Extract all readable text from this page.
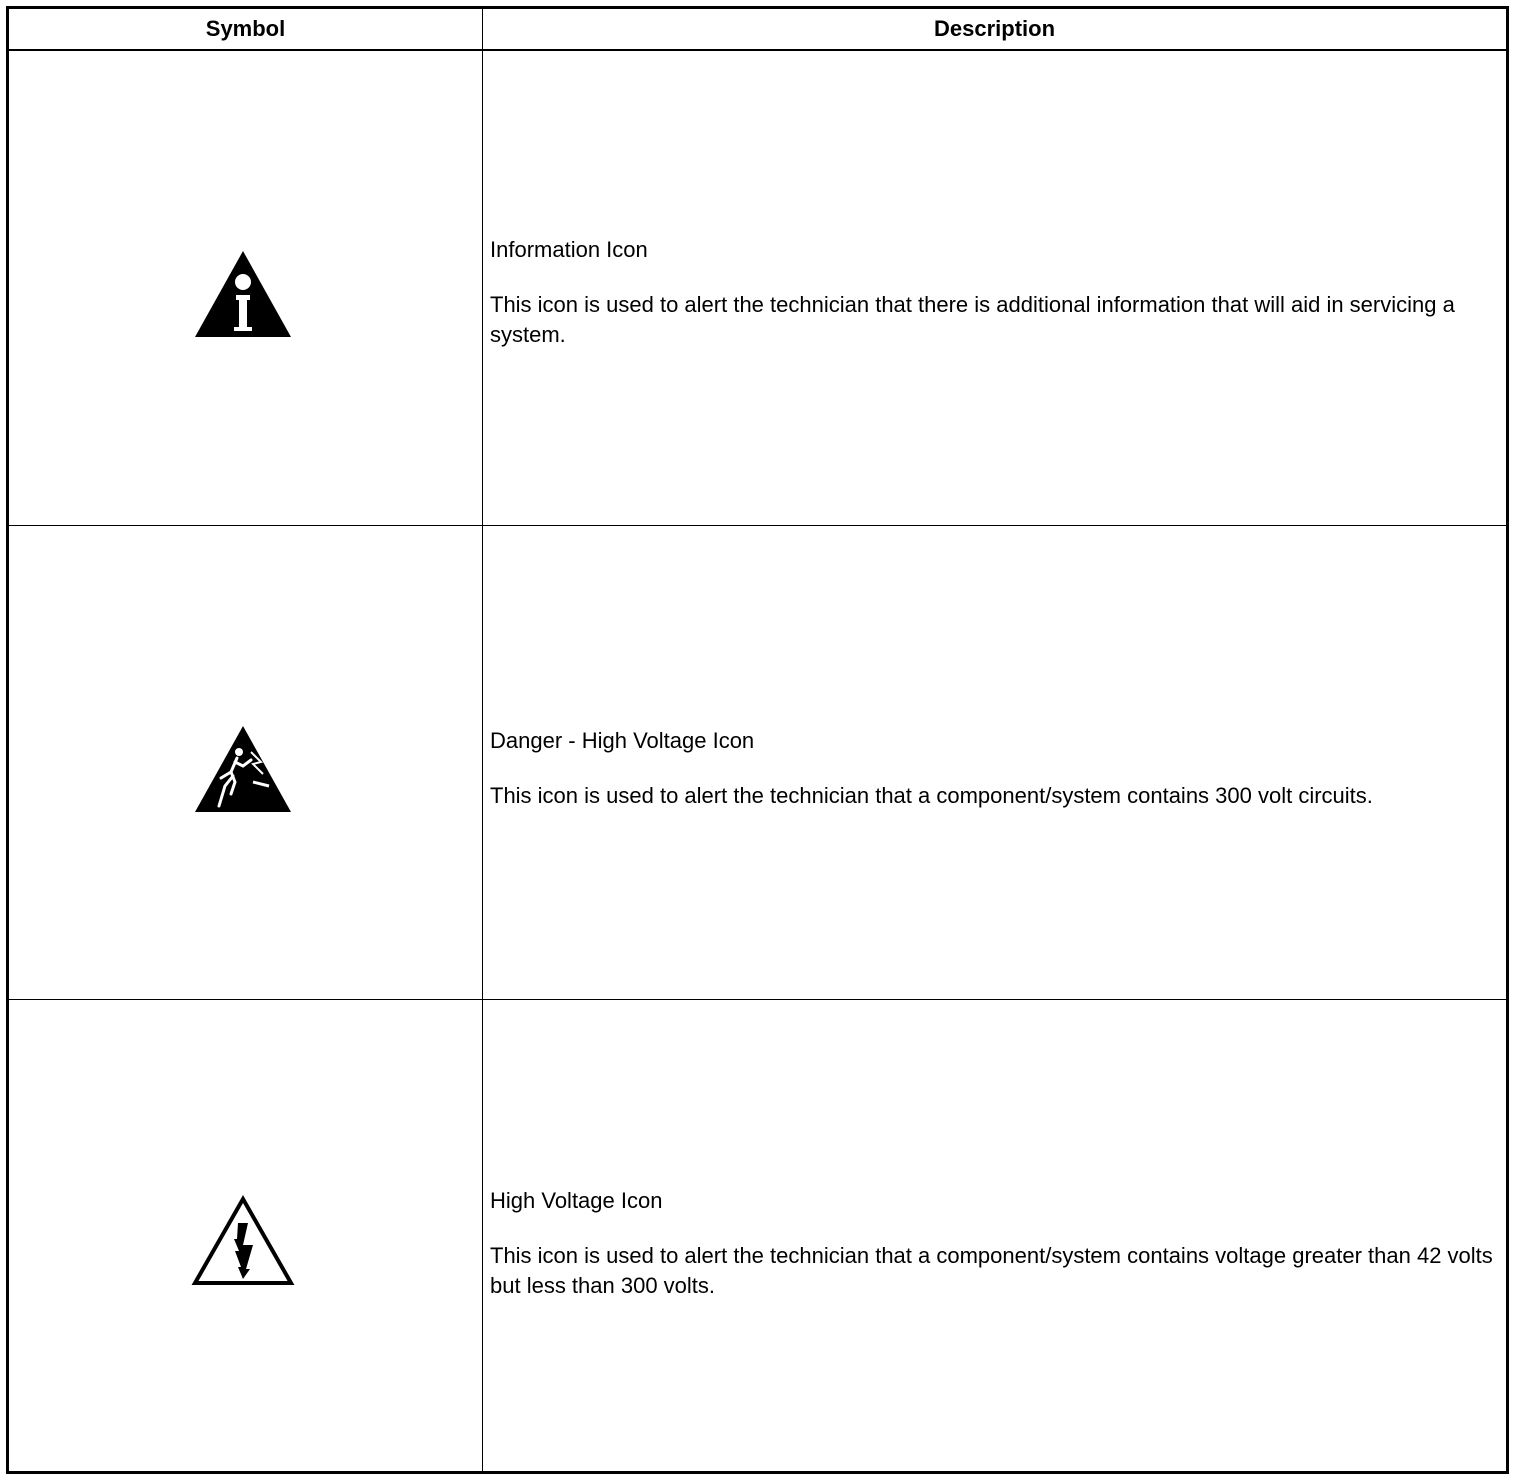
Symbol	Description

Information Icon

This icon is used to alert the technician that there is additional information that will aid in servicing a system.

Danger - High Voltage Icon

This icon is used to alert the technician that a component/system contains 300 volt circuits.

High Voltage Icon

This icon is used to alert the technician that a component/system contains voltage greater than 42 volts but less than 300 volts.
